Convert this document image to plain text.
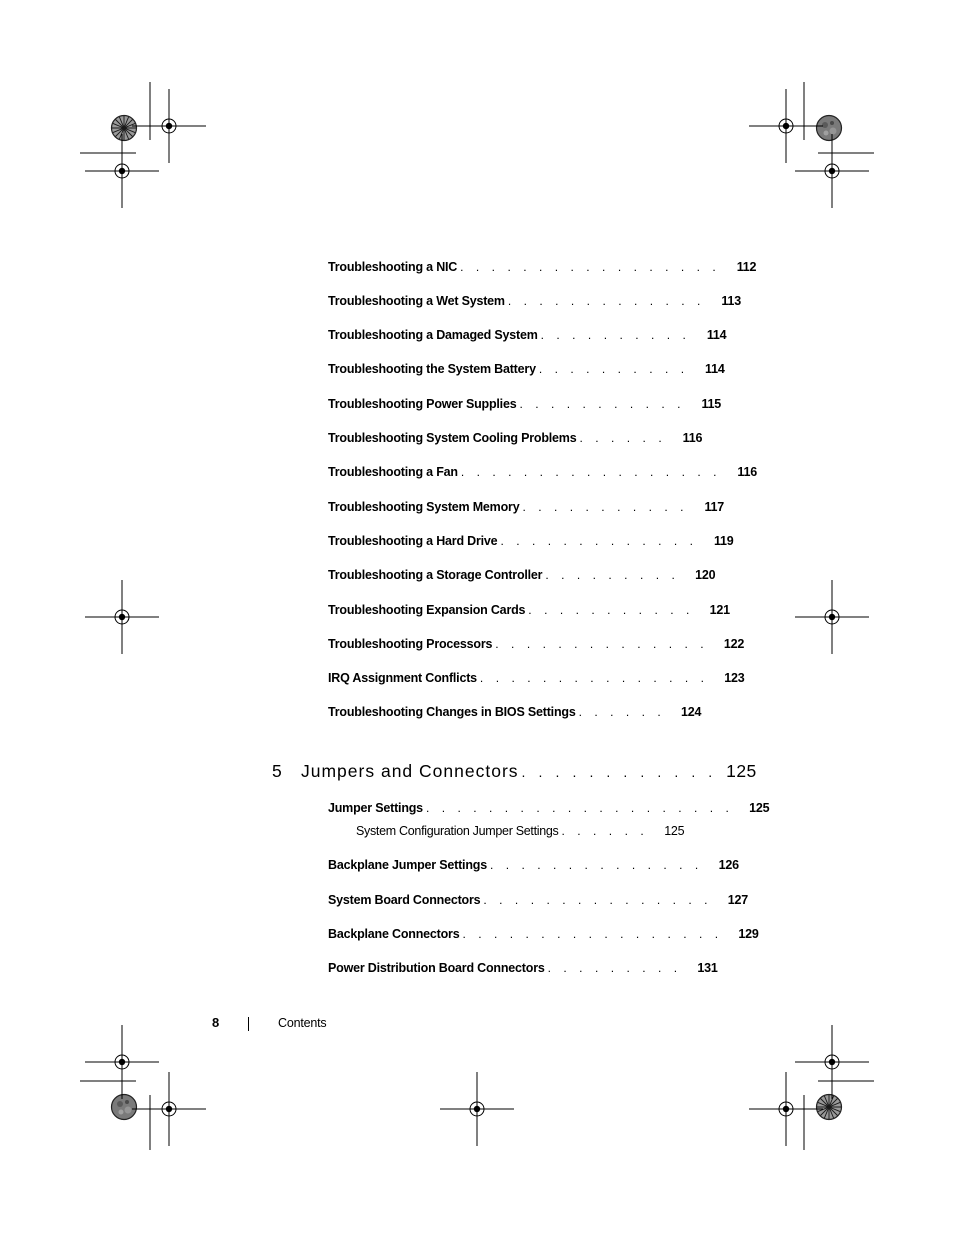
Troubleshooting a NIC . . . . . . . . . . . . . . . . .	112
Troubleshooting a Wet System . . . . . . . . . . . . .	113
Troubleshooting a Damaged System . . . . . . . . . .	114
Troubleshooting the System Battery . . . . . . . . . .	114
Troubleshooting Power Supplies . . . . . . . . . . .	115
Troubleshooting System Cooling Problems . . . . . .	116
Troubleshooting a Fan . . . . . . . . . . . . . . . . .	116
Troubleshooting System Memory . . . . . . . . . . .	117
Troubleshooting a Hard Drive . . . . . . . . . . . . .	119
Troubleshooting a Storage Controller . . . . . . . . .	120
Troubleshooting Expansion Cards . . . . . . . . . . .	121
Troubleshooting Processors . . . . . . . . . . . . . .	122
IRQ Assignment Conflicts . . . . . . . . . . . . . . .	123
Troubleshooting Changes in BIOS Settings . . . . . .	124
5	Jumpers and Connectors . . . . . . . . . . . . 125
Jumper Settings . . . . . . . . . . . . . . . . . . . .	125
System Configuration Jumper Settings . . . . . .	125
Backplane Jumper Settings . . . . . . . . . . . . . .	126
System Board Connectors . . . . . . . . . . . . . . .	127
Backplane Connectors . . . . . . . . . . . . . . . . .	129
Power Distribution Board Connectors . . . . . . . . .	131
8	Contents
